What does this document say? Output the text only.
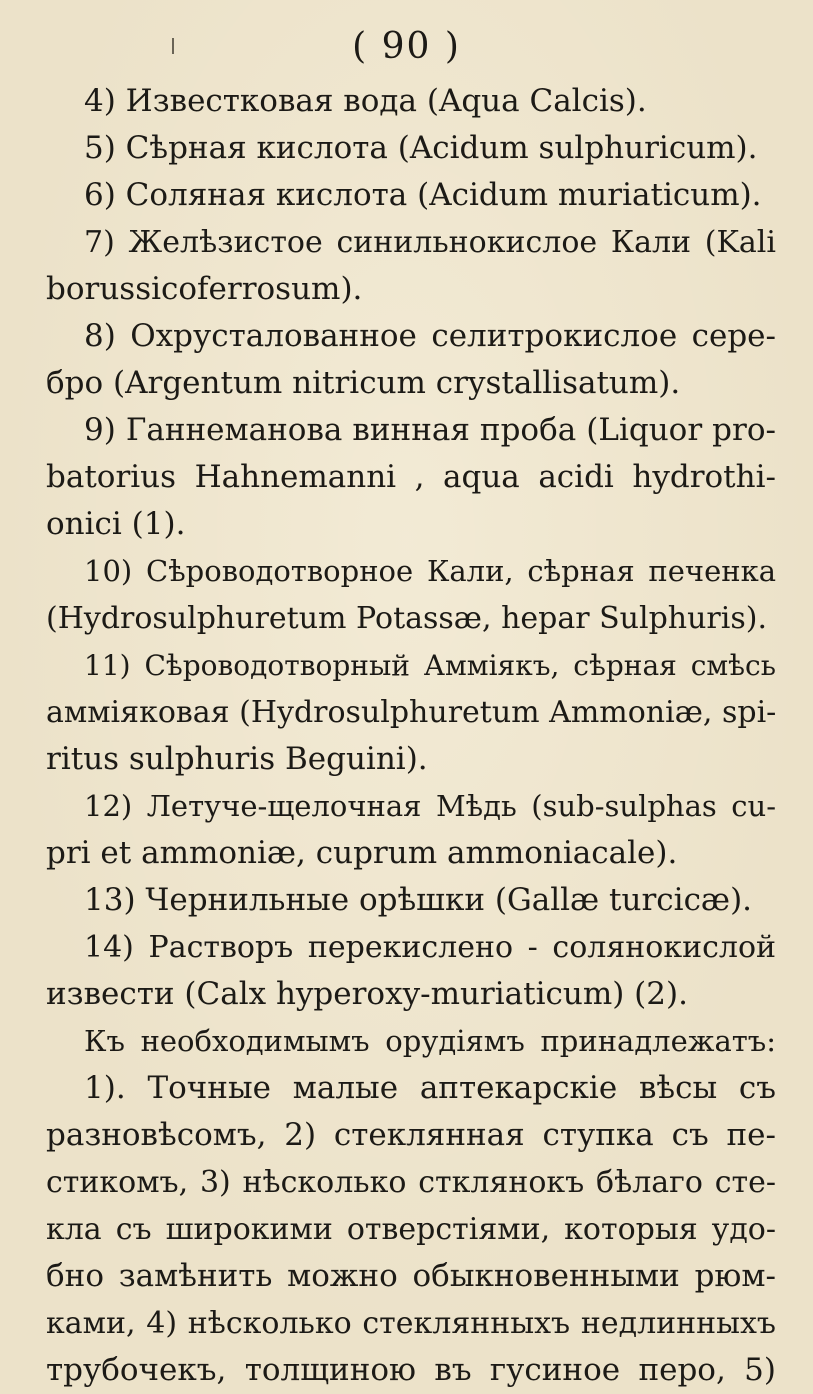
( 90 )
4) Известковая вода (Aqua Calcis).
5) Сѣрная кислота (Acidum sulphuricum).
6) Соляная кислота (Acidum muriaticum).
7) Желѣзистое синильнокислое Кали (Kali
borussicoferrosum).
8) Охрусталованное селитрокислое сере-
бро (Argentum nitricum crystallisatum).
9) Ганнеманова винная проба (Liquor pro-
batorius Hahnemanni , aqua acidi hydrothi-
onici (1).
10) Сѣроводотворное Кали, сѣрная печенка
(Hydrosulphuretum Potassæ, hepar Sulphuris).
11) Сѣроводотворный Аммiякъ, сѣрная смѣсь
аммiяковая (Hydrosulphuretum Ammoniæ, spi-
ritus sulphuris Beguini).
12) Летуче-щелочная Мѣдь (sub-sulphas cu-
pri et ammoniæ, cuprum ammoniacale).
13) Чернильные орѣшки (Gallæ turcicæ).
14) Растворъ перекислено - солянокислой
извести (Calx hyperoxy-muriaticum) (2).
Къ необходимымъ орудiямъ принадлежатъ:
1). Точные малые аптекарскiе вѣсы съ
разновѣсомъ, 2) стеклянная ступка съ пе-
стикомъ, 3) нѣсколько стклянокъ бѣлаго сте-
кла съ широкими отверстiями, которыя удо-
бно замѣнить можно обыкновенными рюм-
ками, 4) нѣсколько стеклянныхъ недлинныхъ
трубочекъ, толщиною въ гусиное перо, 5)
